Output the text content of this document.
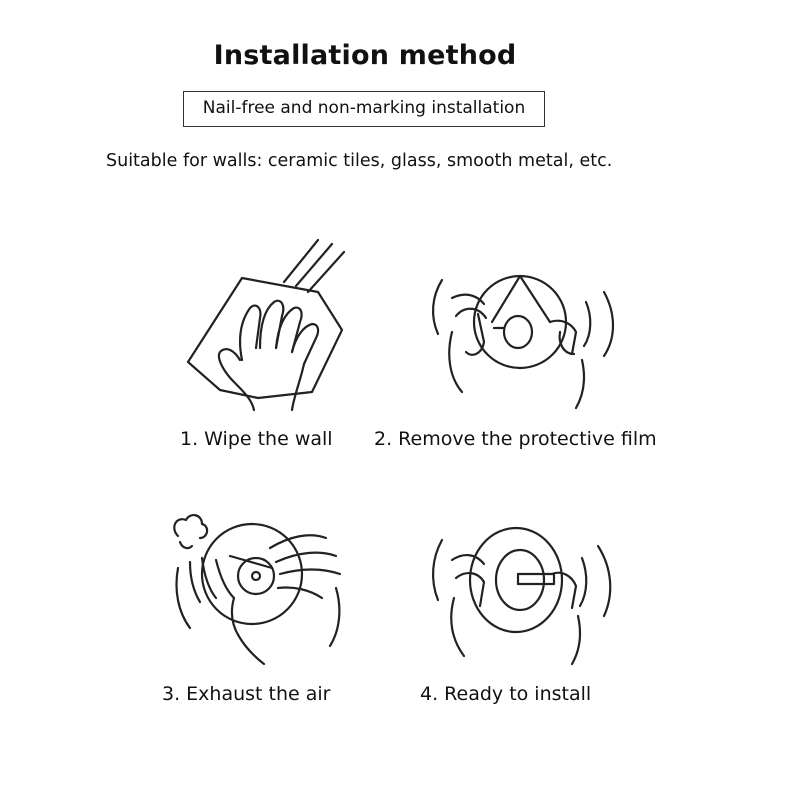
Installation method
Nail-free and non-marking installation
Suitable for walls: ceramic tiles, glass, smooth metal, etc.
1. Wipe the wall 2. Remove the protective film
3. Exhaust the air	4. Ready to install
